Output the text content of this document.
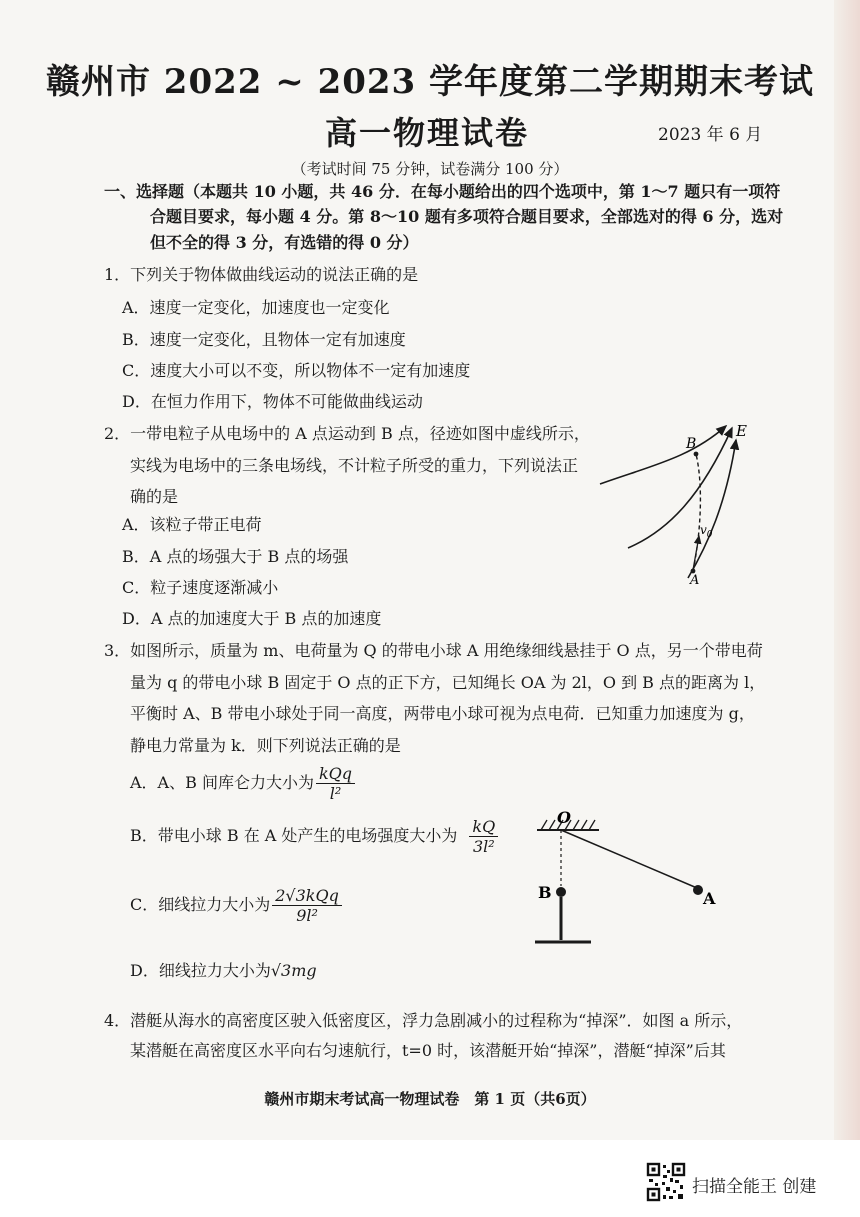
赣州市 2022 ~ 2023 学年度第二学期期末考试
高一物理试卷	2023 年 6 月
（考试时间 75 分钟，试卷满分 100 分）
一、选择题（本题共 10 小题，共 46 分．在每小题给出的四个选项中，第 1～7 题只有一项符
合题目要求，每小题 4 分。第 8～10 题有多项符合题目要求，全部选对的得 6 分，选对
但不全的得 3 分，有选错的得 0 分）
1．下列关于物体做曲线运动的说法正确的是
A．速度一定变化，加速度也一定变化
B．速度一定变化，且物体一定有加速度
C．速度大小可以不变，所以物体不一定有加速度
D．在恒力作用下，物体不可能做曲线运动
2．一带电粒子从电场中的 A 点运动到 B 点，径迹如图中虚线所示，
实线为电场中的三条电场线，不计粒子所受的重力，下列说法正
确的是
A．该粒子带正电荷
B．A 点的场强大于 B 点的场强
C．粒子速度逐渐减小
D．A 点的加速度大于 B 点的加速度
B
E
A
$v_0$
3．如图所示，质量为 m、电荷量为 Q 的带电小球 A 用绝缘细线悬挂于 O 点，另一个带电荷
量为 q 的带电小球 B 固定于 O 点的正下方，已知绳长 OA 为 2l，O 到 B 点的距离为 l，
平衡时 A、B 带电小球处于同一高度，两带电小球可视为点电荷．已知重力加速度为 g，
静电力常量为 k．则下列说法正确的是
A．A、B 间库仑力大小为 $\frac{\text{kQq}}{\text{l²}}$
B．带电小球 B 在 A 处产生的电场强度大小为 $\frac{kQ}{\text{3l²}}$
C．细线拉力大小为 $\frac{\text{2√3kQq}}{\text{9l²}}$
D．细线拉力大小为√3mg
O
B	A
4．潜艇从海水的高密度区驶入低密度区，浮力急剧减小的过程称为“掉深”．如图 a 所示，
某潜艇在高密度区水平向右匀速航行，t=0 时，该潜艇开始“掉深”，潜艇“掉深”后其
赣州市期末考试高一物理试卷　第 1 页（共6页）
扫描全能王 创建
